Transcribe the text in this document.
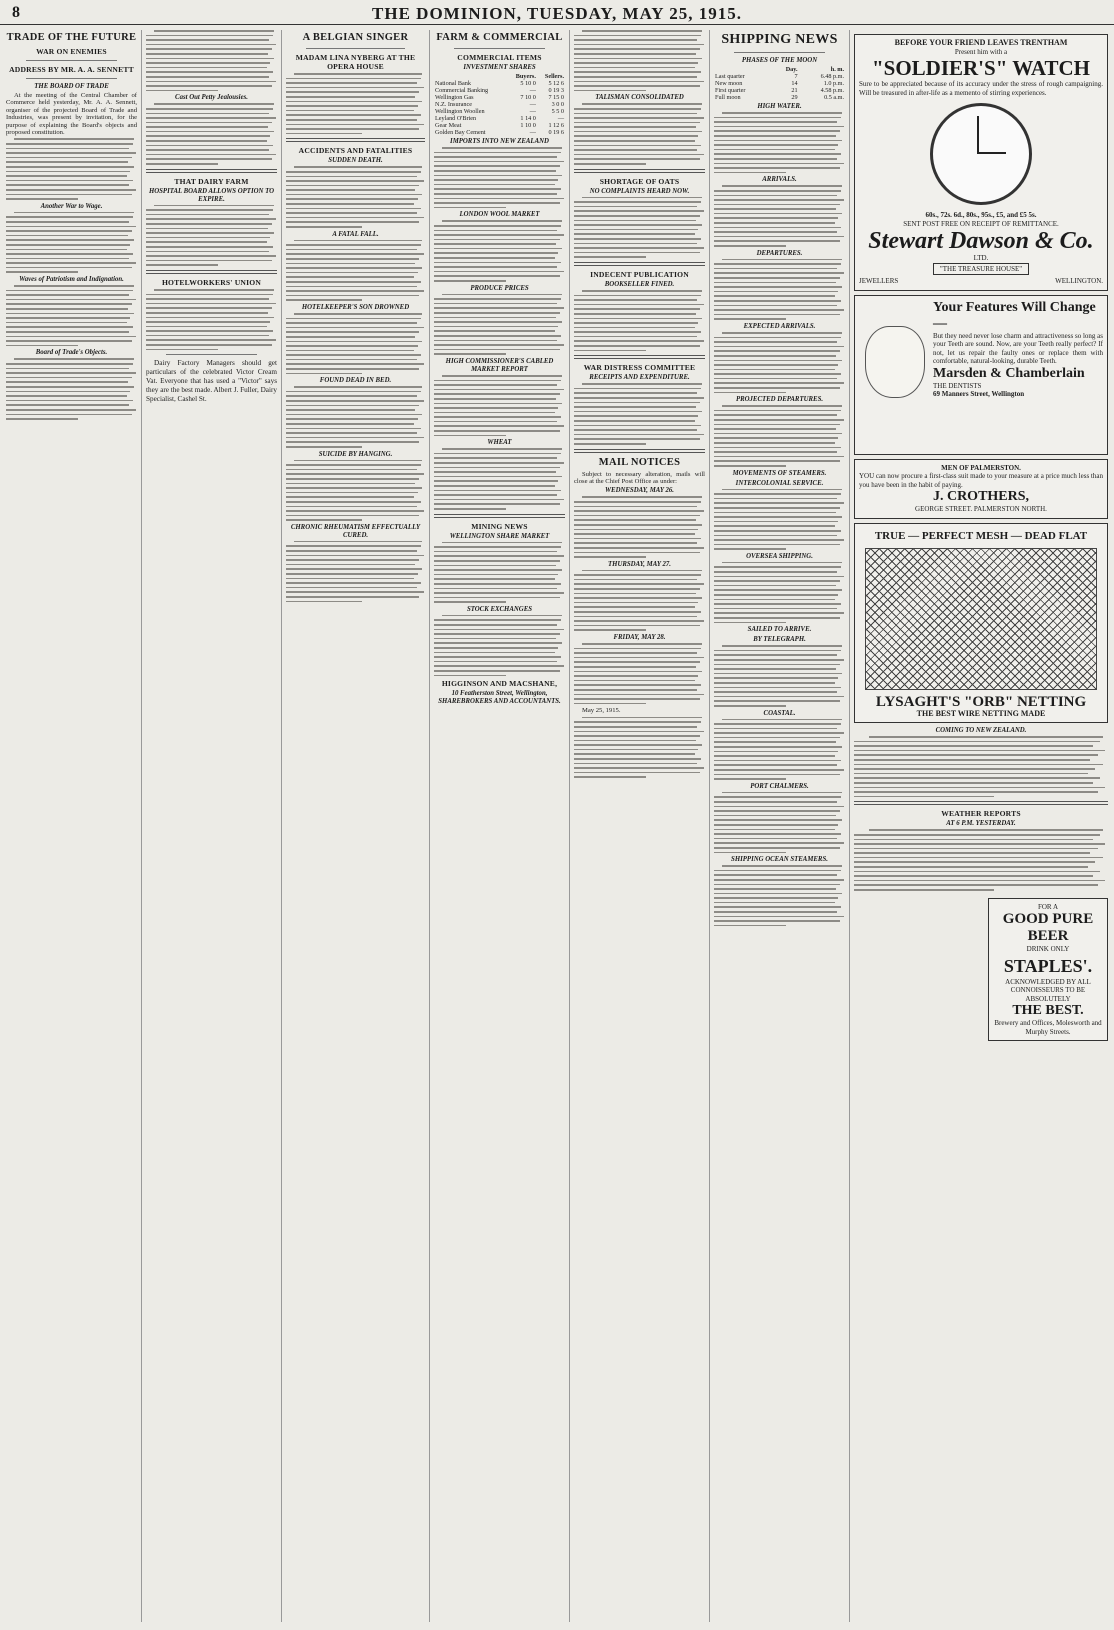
8	THE DOMINION, TUESDAY, MAY 25, 1915.
TRADE OF THE FUTURE
WAR ON ENEMIES
ADDRESS BY MR. A. A. SENNETT
THE BOARD OF TRADE

At the meeting of the Central Chamber of Commerce held yesterday, Mr. A. A. Sennett, organiser of the projected Board of Trade and Industries, was present by invitation, for the purpose of explaining the Board's objects and proposed constitution.

Another War to Wage.
Waves of Patriotism and Indignation.
Board of Trade's Objects.
Cast Out Petty Jealousies.
THAT DAIRY FARM
HOSPITAL BOARD ALLOWS OPTION TO EXPIRE.
HOTELWORKERS' UNION

Dairy Factory Managers should get particulars of the celebrated Victor Cream Vat. Everyone that has used a "Victor" says they are the best made. Albert J. Fuller, Dairy Specialist, Cashel St.

A BELGIAN SINGER
MADAM LINA NYBERG AT THE OPERA HOUSE
ACCIDENTS AND FATALITIES
SUDDEN DEATH.
A FATAL FALL.
HOTELKEEPER'S SON DROWNED
FOUND DEAD IN BED.
SUICIDE BY HANGING.
CHRONIC RHEUMATISM EFFECTUALLY CURED.
FARM & COMMERCIAL
COMMERCIAL ITEMS
INVESTMENT SHARES
	Buyers.	Sellers.
National Bank	5 10 0	5 12 6
Commercial Banking	—	0 19 3
Wellington Gas	7 10 0	7 15 0
N.Z. Insurance	—	3 0 0
Wellington Woollen	—	5 5 0
Leyland O'Brien	1 14 0	—
Gear Meat	1 10 0	1 12 6
Golden Bay Cement	—	0 19 6
IMPORTS INTO NEW ZEALAND
LONDON WOOL MARKET
PRODUCE PRICES
HIGH COMMISSIONER'S CABLED MARKET REPORT
WHEAT
MINING NEWS
WELLINGTON SHARE MARKET
STOCK EXCHANGES
HIGGINSON AND MACSHANE,
10 Featherston Street, Wellington, SHAREBROKERS AND ACCOUNTANTS.
TALISMAN CONSOLIDATED
SHORTAGE OF OATS
NO COMPLAINTS HEARD NOW.
INDECENT PUBLICATION
BOOKSELLER FINED.
WAR DISTRESS COMMITTEE
RECEIPTS AND EXPENDITURE.
MAIL NOTICES

Subject to necessary alteration, mails will close at the Chief Post Office as under:

WEDNESDAY, MAY 26.
THURSDAY, MAY 27.
FRIDAY, MAY 28.

May 25, 1915.

SHIPPING NEWS
PHASES OF THE MOON
	Day.	h. m.
Last quarter	7	6.48 p.m.
New moon	14	1.0 p.m.
First quarter	21	4.58 p.m.
Full moon	29	0.5 a.m.
HIGH WATER.
ARRIVALS.
DEPARTURES.
EXPECTED ARRIVALS.
PROJECTED DEPARTURES.
MOVEMENTS OF STEAMERS.
INTERCOLONIAL SERVICE.
OVERSEA SHIPPING.
SAILED TO ARRIVE.
BY TELEGRAPH.
COASTAL.
PORT CHALMERS.
SHIPPING OCEAN STEAMERS.
BEFORE YOUR FRIEND LEAVES TRENTHAM
Present him with a
"SOLDIER'S" WATCH
Sure to be appreciated because of its accuracy under the stress of rough campaigning. Will be treasured in after-life as a memento of stirring experiences.
60s., 72s. 6d., 80s., 95s., £5, and £5 5s.
SENT POST FREE ON RECEIPT OF REMITTANCE.
Stewart Dawson & Co.
LTD.
"THE TREASURE HOUSE"
JEWELLERS	WELLINGTON.
Your Features Will Change—
But they need never lose charm and attractiveness so long as your Teeth are sound. Now, are your Teeth really perfect? If not, let us repair the faulty ones or replace them with comfortable, natural-looking, durable Teeth.
Marsden & Chamberlain
THE DENTISTS
69 Manners Street, Wellington
MEN OF PALMERSTON.
YOU can now procure a first-class suit made to your measure at a price much less than you have been in the habit of paying.
J. CROTHERS,
GEORGE STREET. PALMERSTON NORTH.
TRUE — PERFECT MESH — DEAD FLAT
LYSAGHT'S "ORB" NETTING
THE BEST WIRE NETTING MADE
COMING TO NEW ZEALAND.
WEATHER REPORTS
AT 6 P.M. YESTERDAY.
FOR A
GOOD PURE BEER
DRINK ONLY
STAPLES'.
ACKNOWLEDGED BY ALL CONNOISSEURS TO BE ABSOLUTELY
THE BEST.
Brewery and Offices, Molesworth and Murphy Streets.
